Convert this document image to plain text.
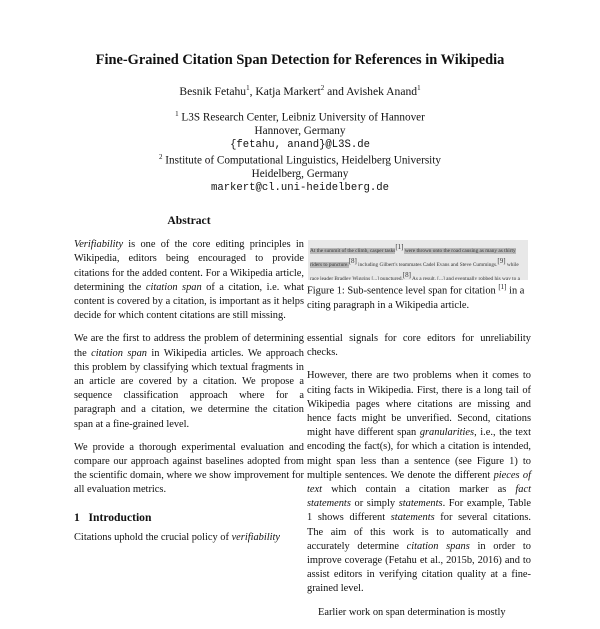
Fine-Grained Citation Span Detection for References in Wikipedia
Besnik Fetahu$^1$, Katja Markert$^2$ and Avishek Anand$^1$
$^1$ L3S Research Center, Leibniz University of Hannover
Hannover, Germany
{fetahu, anand}@L3S.de
$^2$ Institute of Computational Linguistics, Heidelberg University
Heidelberg, Germany
markert@cl.uni-heidelberg.de
Abstract

Verifiability is one of the core editing principles in Wikipedia, editors being encouraged to provide citations for the added content. For a Wikipedia article, determining the citation span of a citation, i.e. what content is covered by a citation, is important as it helps decide for which content citations are still missing.

We are the first to address the problem of determining the citation span in Wikipedia articles. We approach this problem by classifying which textual fragments in an article are covered by a citation. We propose a sequence classification approach where for a paragraph and a citation, we determine the citation span at a fine-grained level.

We provide a thorough experimental evaluation and compare our approach against baselines adopted from the scientific domain, where we show improvement for all evaluation metrics.

1 Introduction

Citations uphold the crucial policy of verifiability

At the summit of the climb, casper tasks[1] were thrown onto the road causing as many as thirty riders to puncture.[8] including Gilbert's teammates Cadel Evans and Steve Cummings.[9] while race leader Bradley Wiggins [...] punctured.[8] As a result, [...] and eventually robbed his way to a
Figure 1: Sub-sentence level span for citation [1] in a citing paragraph in a Wikipedia article.

essential signals for core editors for unreliability checks.

However, there are two problems when it comes to citing facts in Wikipedia. First, there is a long tail of Wikipedia pages where citations are missing and hence facts might be unverified. Second, citations might have different span granularities, i.e., the text encoding the fact(s), for which a citation is intended, might span less than a sentence (see Figure 1) to multiple sentences. We denote the different pieces of text which contain a citation marker as fact statements or simply statements. For example, Table 1 shows different statements for several citations. The aim of this work is to automatically and accurately determine citation spans in order to improve coverage (Fetahu et al., 2015b, 2016) and to assist editors in verifying citation quality at a fine-grained level.

Earlier work on span determination is mostly
